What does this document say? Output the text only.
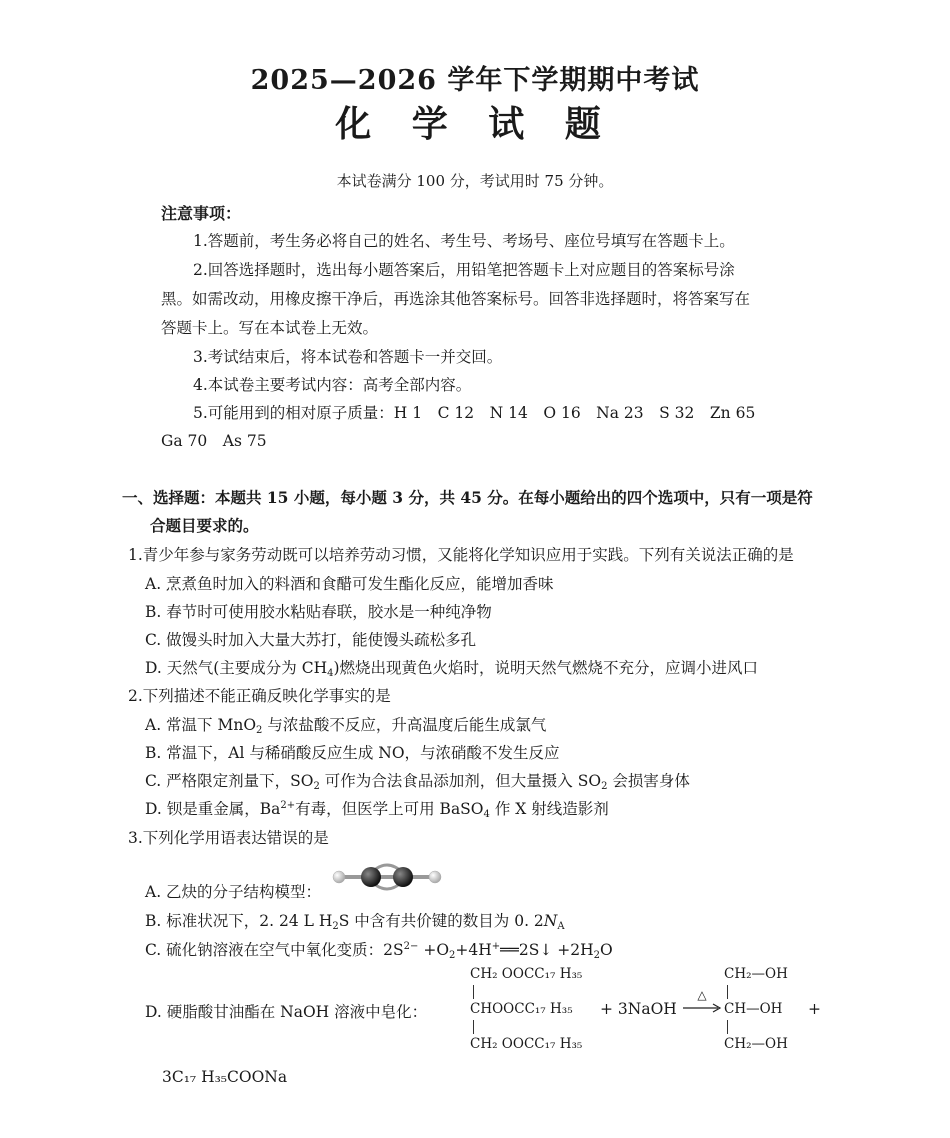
2025—2026 学年下学期期中考试
化 学 试 题
本试卷满分 100 分，考试用时 75 分钟。
注意事项：
1.答题前，考生务必将自己的姓名、考生号、考场号、座位号填写在答题卡上。
2.回答选择题时，选出每小题答案后，用铅笔把答题卡上对应题目的答案标号涂
黑。如需改动，用橡皮擦干净后，再选涂其他答案标号。回答非选择题时，将答案写在
答题卡上。写在本试卷上无效。
3.考试结束后，将本试卷和答题卡一并交回。
4.本试卷主要考试内容：高考全部内容。
5.可能用到的相对原子质量：H 1　C 12　N 14　O 16　Na 23　S 32　Zn 65
Ga 70　As 75
一、选择题：本题共 15 小题，每小题 3 分，共 45 分。在每小题给出的四个选项中，只有一项是符
合题目要求的。
1.青少年参与家务劳动既可以培养劳动习惯，又能将化学知识应用于实践。下列有关说法正确的是
A. 烹煮鱼时加入的料酒和食醋可发生酯化反应，能增加香味
B. 春节时可使用胶水粘贴春联，胶水是一种纯净物
C. 做馒头时加入大量大苏打，能使馒头疏松多孔
D. 天然气(主要成分为 $CH_4$)燃烧出现黄色火焰时，说明天然气燃烧不充分，应调小进风口
2.下列描述不能正确反映化学事实的是
A. 常温下 MnO$_2$ 与浓盐酸不反应，升高温度后能生成氯气
B. 常温下，Al 与稀硝酸反应生成 NO，与浓硝酸不发生反应
C. 严格限定剂量下，$SO_2$ 可作为合法食品添加剂，但大量摄入 $SO_2$ 会损害身体
D. 钡是重金属，$Ba^{2+}$有毒，但医学上可用 BaSO$_4$ 作 X 射线造影剂
3.下列化学用语表达错误的是
A. 乙炔的分子结构模型：
B. 标准状况下，2. 24 L $H_2S$ 中含有共价键的数目为 0. $2N_A$
C. 硫化钠溶液在空气中氧化变质：$2S^{2-}$ $+O_2+4H^+══2S↓ +2H_2O$
D. 硬脂酸甘油酯在 NaOH 溶液中皂化：
CH₂ OOCC₁₇ H₃₅
CHOOCC₁₇ H₃₅
CH₂ OOCC₁₇ H₃₅
+ 3NaOH
△
CH₂—OH
CH—OH
CH₂—OH
+
3C₁₇ H₃₅COONa
